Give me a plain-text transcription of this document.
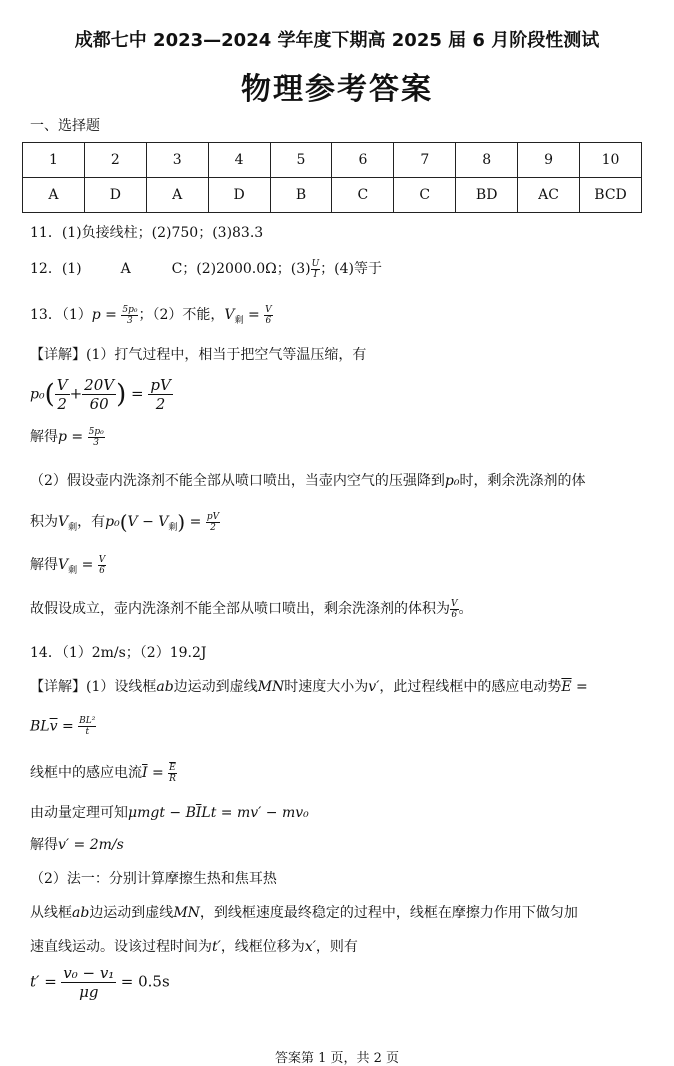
成都七中 2023—2024 学年度下期高 2025 届 6 月阶段性测试
物理参考答案
一、选择题
1	2	3	4	5	6	7	8	9	10
A	D	A	D	B	C	C	BD	AC	BCD
11．(1)负接线柱；(2)750；(3)83.3
12．(1)	A	C；(2)2000.0Ω；$(3) \frac{U}{I}$ ；(4)等于
13．$(1)p = \frac{\text{5p₀}}{3}$ ；（2）不能，$V_剩 = \frac{V}{6}$
【详解】(1）打气过程中，相当于把空气等温压缩，有
$p_0( \frac{V}{2} + \frac{20V}{60}$ ) = $\frac{pV}{2}$
解得$p = \frac{\text{5p₀}}{3}$
（2）假设壶内洗涤剂不能全部从喷口喷出，当壶内空气的压强降到p₀时，剩余洗涤剂的体
积为$V_剩$，有$p_0(V - V_剩) = \frac{pV}{2}$
解得$V_剩 = \frac{V}{6}$
故假设成立，壶内洗涤剂不能全部从喷口喷出，剩余洗涤剂的体积为 $\frac{V}{6}$ 。
14．（1）2m/s；（2）19.2J
【详解】(1）设线框ab边运动到虚线MN时速度大小为v′，此过程线框中的感应电动势$\overline{E}$ =
$BL\overline{v} = \frac{\text{BL²}}{t}$
线框中的感应电流$\overline{I} = \frac{\overline{E}}{R}$
由动量定理可知$\mu mgt - B\overline{I}Lt = mv' - mv_0$
解得v′ = 2m/s
（2）法一：分别计算摩擦生热和焦耳热
从线框ab边运动到虚线MN，到线框速度最终稳定的过程中，线框在摩擦力作用下做匀加
速直线运动。设该过程时间为t′，线框位移为x′，则有
$t' = \frac{\text{v₀ − v₁}}{\mu g} = 0.5s$
答案第 1 页，共 2 页
